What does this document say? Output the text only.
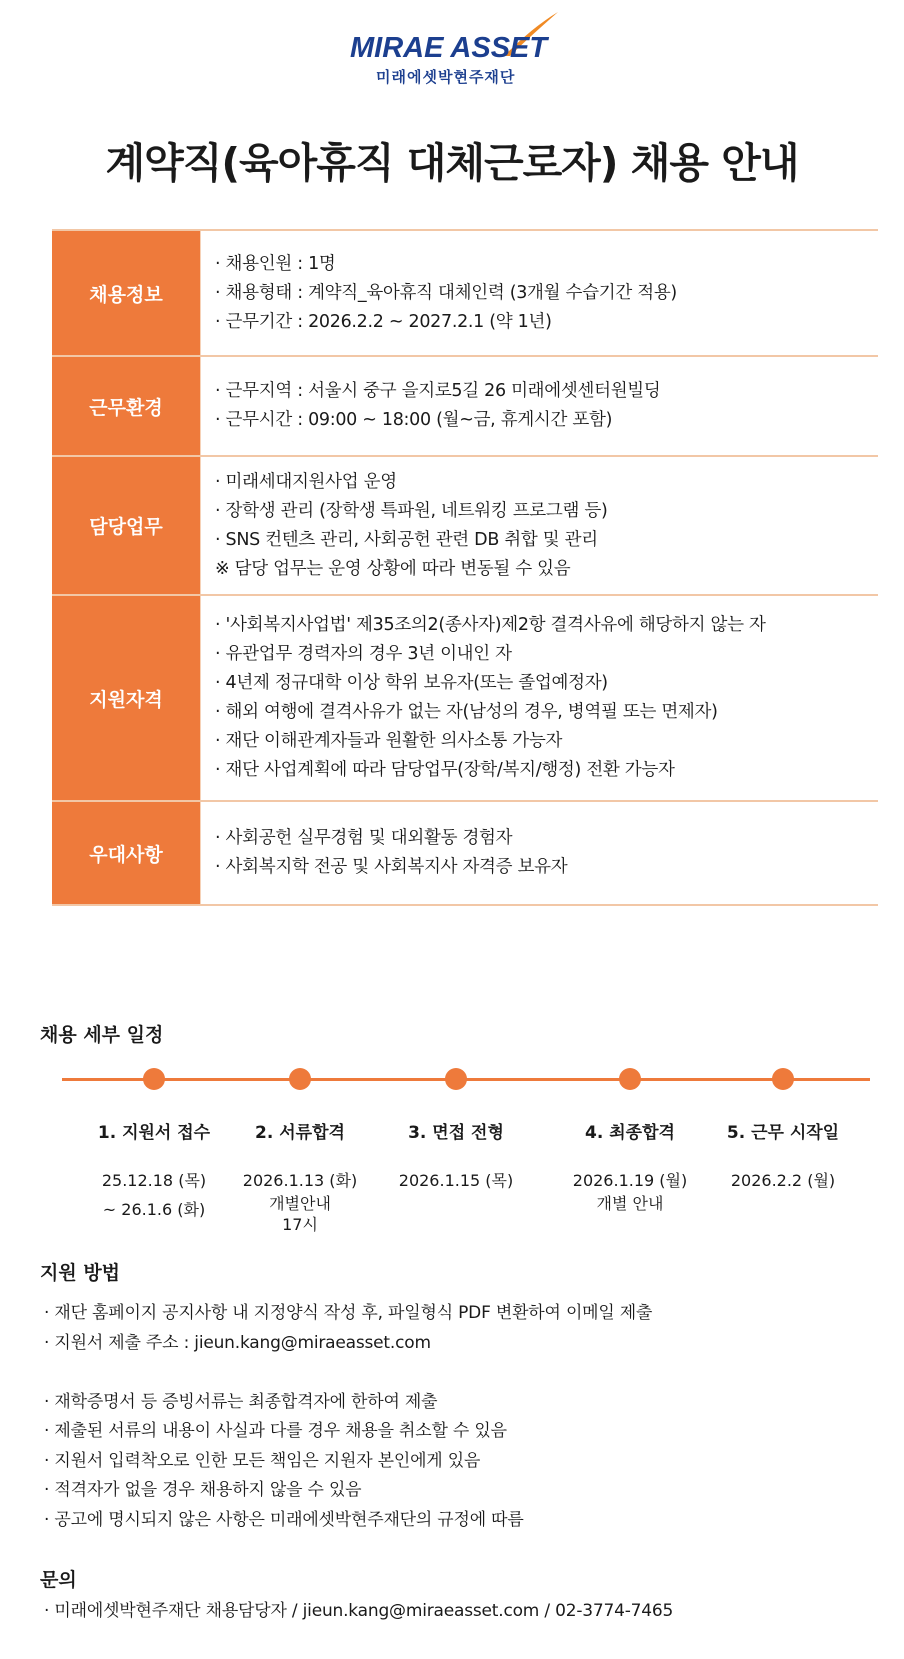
MIRAE ASSET
미래에셋박현주재단
계약직(육아휴직 대체근로자) 채용 안내
채용정보
· 채용인원 : 1명
· 채용형태 : 계약직_육아휴직 대체인력 (3개월 수습기간 적용)
· 근무기간 : 2026.2.2 ~ 2027.2.1 (약 1년)
근무환경
· 근무지역 : 서울시 중구 을지로5길 26 미래에셋센터원빌딩
· 근무시간 : 09:00 ~ 18:00 (월~금, 휴게시간 포함)
담당업무
· 미래세대지원사업 운영
· 장학생 관리 (장학생 특파원, 네트워킹 프로그램 등)
· SNS 컨텐츠 관리, 사회공헌 관련 DB 취합 및 관리
※ 담당 업무는 운영 상황에 따라 변동될 수 있음
지원자격
· '사회복지사업법' 제35조의2(종사자)제2항 결격사유에 해당하지 않는 자
· 유관업무 경력자의 경우 3년 이내인 자
· 4년제 정규대학 이상 학위 보유자(또는 졸업예정자)
· 해외 여행에 결격사유가 없는 자(남성의 경우, 병역필 또는 면제자)
· 재단 이해관계자들과 원활한 의사소통 가능자
· 재단 사업계획에 따라 담당업무(장학/복지/행정) 전환 가능자
우대사항
· 사회공헌 실무경험 및 대외활동 경험자
· 사회복지학 전공 및 사회복지사 자격증 보유자
채용 세부 일정
1. 지원서 접수
25.12.18 (목)
~ 26.1.6 (화)
2. 서류합격
2026.1.13 (화)
개별안내
17시
3. 면접 전형
2026.1.15 (목)
4. 최종합격
2026.1.19 (월)
개별 안내
5. 근무 시작일
2026.2.2 (월)
지원 방법
· 재단 홈페이지 공지사항 내 지정양식 작성 후, 파일형식 PDF 변환하여 이메일 제출
· 지원서 제출 주소 : jieun.kang@miraeasset.com
· 재학증명서 등 증빙서류는 최종합격자에 한하여 제출
· 제출된 서류의 내용이 사실과 다를 경우 채용을 취소할 수 있음
· 지원서 입력착오로 인한 모든 책임은 지원자 본인에게 있음
· 적격자가 없을 경우 채용하지 않을 수 있음
· 공고에 명시되지 않은 사항은 미래에셋박현주재단의 규정에 따름
문의
· 미래에셋박현주재단 채용담당자 / jieun.kang@miraeasset.com / 02-3774-7465
